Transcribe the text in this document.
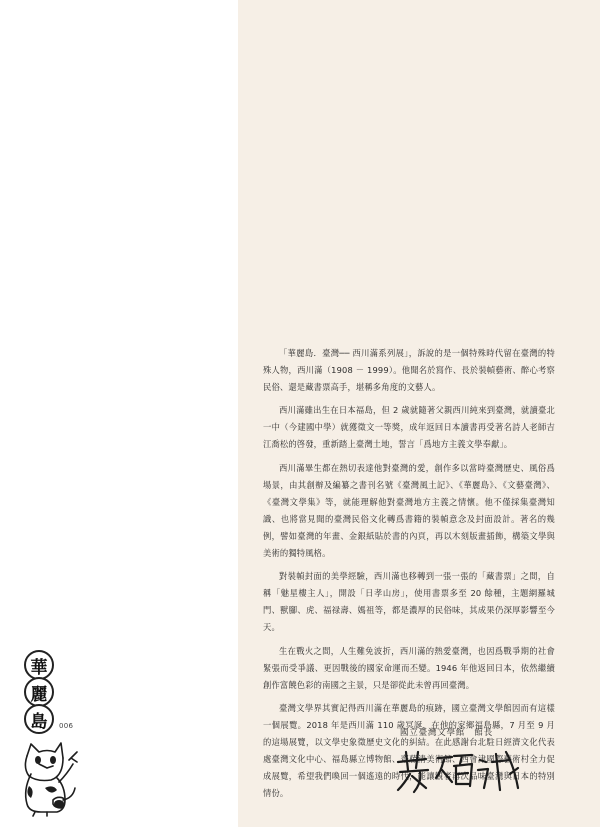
「華麗島．臺灣── 西川滿系列展」，訴說的是一個特殊時代留在臺灣的特殊人物，西川滿（1908 － 1999）。他聞名於寫作、長於裝幀藝術、醉心考察民俗、還是藏書票高手，堪稱多角度的文藝人。

西川滿雖出生在日本福島，但 2 歲就隨著父親西川純來到臺灣，就讀臺北一中（今建國中學）就獲徵文一等獎，成年返回日本讀書再受著名詩人老師吉江喬松的啓發，重新踏上臺灣土地，誓言「爲地方主義文學奉獻」。

西川滿畢生都在熱切表達他對臺灣的愛，創作多以當時臺灣歷史、風俗爲場景，由其創辦及編纂之書刊名號《臺灣風土記》、《華麗島》、《文藝臺灣》、《臺灣文學集》等，就能理解他對臺灣地方主義之情懷。他不僅採集臺灣知識、也將當見聞的臺灣民俗文化轉爲書籍的裝幀意念及封面設計。著名的幾例，譬如臺灣的年畫、金銀紙貼於書的內頁，再以木刻版畫插飾，構築文學與美術的獨特風格。

對裝幀封面的美學經驗，西川滿也移轉到一張一張的「藏書票」之間，自稱「魅星樓主人」，開設「日孝山房」，使用書票多至 20 餘種，主題網羅城門、獸腳、虎、福禄壽、媽祖等，都是濃厚的民俗味，其成果仍深厚影響至今天。

生在戰火之間，人生難免波折，西川滿的熱愛臺灣，也因爲戰爭期的社會緊張而受爭議、更因戰後的國家命運而丕變。1946 年他返回日本，依然繼續創作富饒色彩的南國之主景，只是卻從此未曾再回臺灣。

臺灣文學界其實記得西川滿在華麗島的痕跡，國立臺灣文學館因而有這樣一個展覽。2018 年是西川滿 110 歲冥誕，在他的家鄉福島縣，7 月至 9 月的這場展覽，以文學史象徵歷史文化的糾結。在此感謝台北駐日經濟文化代表處臺灣文化中心、福島縣立博物館、齋藤清美術館、西會津國際藝術村全力促成展覽，希望我們喚回一個遙遠的時代，能讓觀者再次品味臺灣與日本的特別情份。

國立臺灣文學館　館長
華
麗
島	006
